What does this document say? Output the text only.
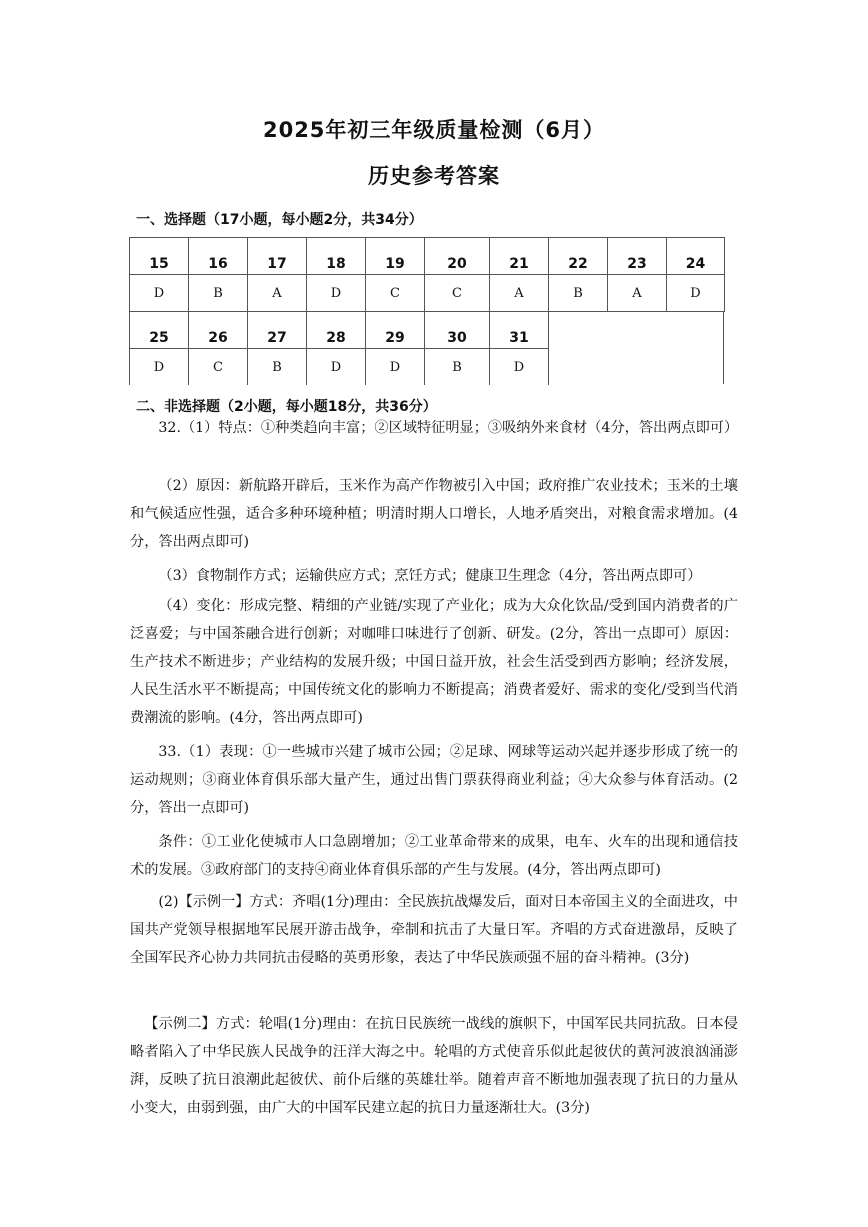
2025年初三年级质量检测（6月）
历史参考答案
一、选择题（17小题，每小题2分，共34分）
15	16	17	18	19	20	21	22	23	24
D	B	A	D	C	C	A	B	A	D
25	26	27	28	29	30	31
D	C	B	D	D	B	D
二、非选择题（2小题，每小题18分，共36分）
32.（1）特点：①种类趋向丰富；②区域特征明显；③吸纳外来食材（4分，答出两点即可）
（2）原因：新航路开辟后，玉米作为高产作物被引入中国；政府推广农业技术；玉米的土壤和气候适应性强，适合多种环境种植；明清时期人口增长，人地矛盾突出，对粮食需求增加。(4分，答出两点即可)
（3）食物制作方式；运输供应方式；烹饪方式；健康卫生理念（4分，答出两点即可）
（4）变化：形成完整、精细的产业链/实现了产业化；成为大众化饮品/受到国内消费者的广泛喜爱；与中国茶融合进行创新；对咖啡口味进行了创新、研发。(2分，答出一点即可）原因：生产技术不断进步；产业结构的发展升级；中国日益开放，社会生活受到西方影响；经济发展，人民生活水平不断提高；中国传统文化的影响力不断提高；消费者爱好、需求的变化/受到当代消费潮流的影响。(4分，答出两点即可)
33.（1）表现：①一些城市兴建了城市公园；②足球、网球等运动兴起并逐步形成了统一的运动规则；③商业体育俱乐部大量产生，通过出售门票获得商业利益；④大众参与体育活动。(2分，答出一点即可)
条件：①工业化使城市人口急剧增加；②工业革命带来的成果，电车、火车的出现和通信技术的发展。③政府部门的支持④商业体育俱乐部的产生与发展。(4分，答出两点即可)
(2)【示例一】方式：齐唱(1分)理由：全民族抗战爆发后，面对日本帝国主义的全面进攻，中国共产党领导根据地军民展开游击战争，牵制和抗击了大量日军。齐唱的方式奋进激昂，反映了全国军民齐心协力共同抗击侵略的英勇形象，表达了中华民族顽强不屈的奋斗精神。(3分)
【示例二】方式：轮唱(1分)理由：在抗日民族统一战线的旗帜下，中国军民共同抗敌。日本侵略者陷入了中华民族人民战争的汪洋大海之中。轮唱的方式使音乐似此起彼伏的黄河波浪汹涌澎湃，反映了抗日浪潮此起彼伏、前仆后继的英雄壮举。随着声音不断地加强表现了抗日的力量从小变大，由弱到强，由广大的中国军民建立起的抗日力量逐渐壮大。(3分)
